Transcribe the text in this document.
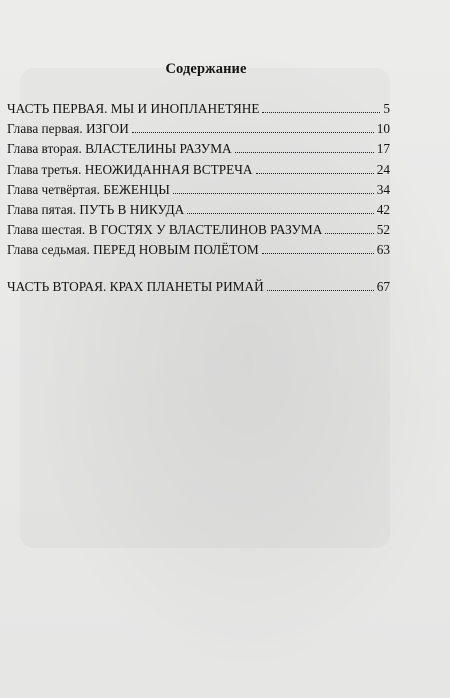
Содержание
ЧАСТЬ ПЕРВАЯ. МЫ И ИНОПЛАНЕТЯНЕ	5
Глава первая. ИЗГОИ	10
Глава вторая. ВЛАСТЕЛИНЫ РАЗУМА	17
Глава третья. НЕОЖИДАННАЯ ВСТРЕЧА	24
Глава четвёртая. БЕЖЕНЦЫ	34
Глава пятая. ПУТЬ В НИКУДА	42
Глава шестая. В ГОСТЯХ У ВЛАСТЕЛИНОВ РАЗУМА	52
Глава седьмая. ПЕРЕД НОВЫМ ПОЛЁТОМ	63
ЧАСТЬ ВТОРАЯ. КРАХ ПЛАНЕТЫ РИМАЙ	67
